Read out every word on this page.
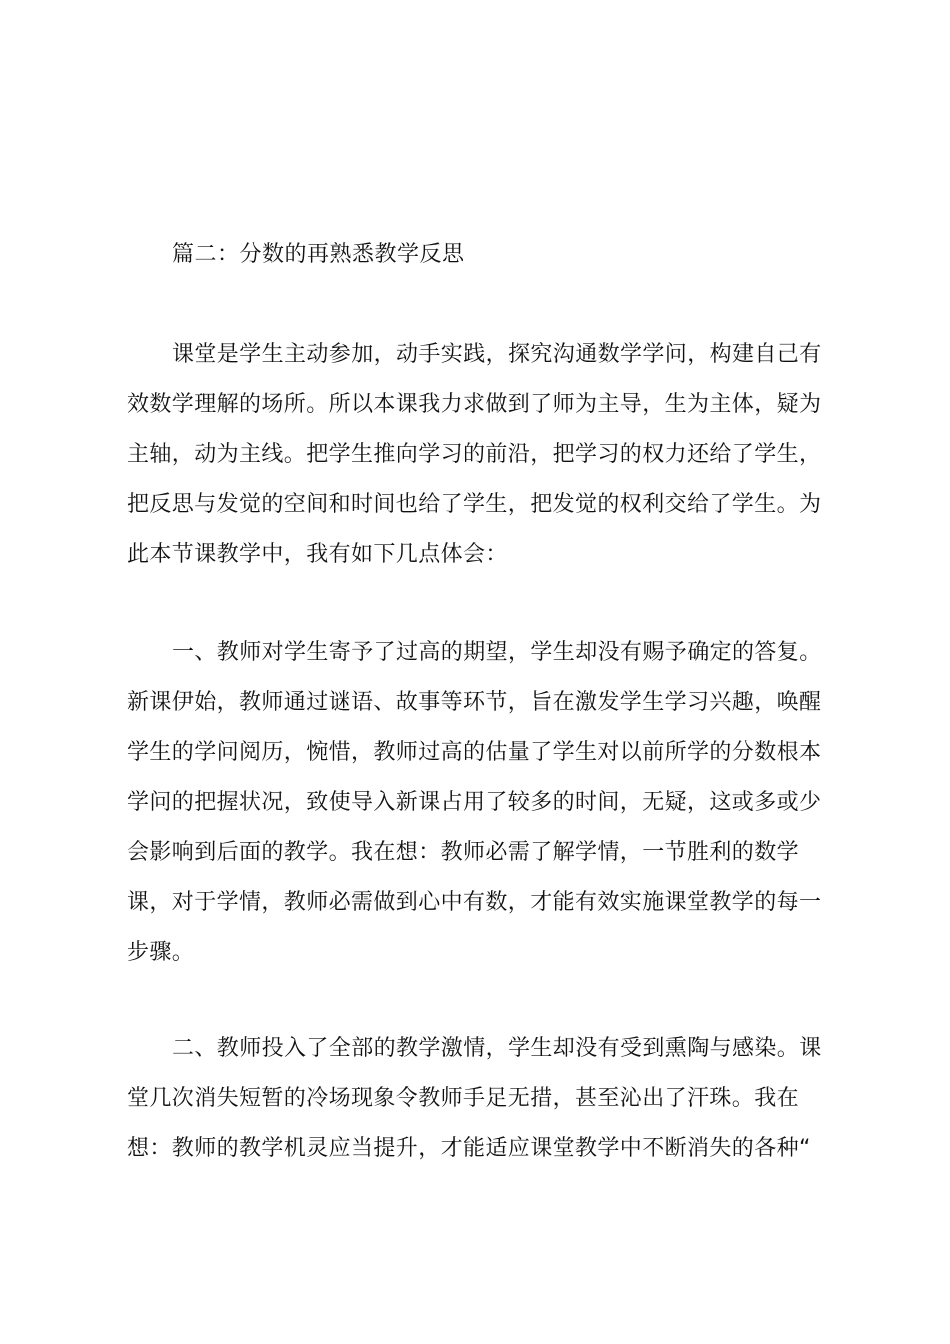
篇二：分数的再熟悉教学反思
课堂是学生主动参加，动手实践，探究沟通数学学问，构建自己有
效数学理解的场所。所以本课我力求做到了师为主导，生为主体，疑为
主轴，动为主线。把学生推向学习的前沿，把学习的权力还给了学生，
把反思与发觉的空间和时间也给了学生，把发觉的权利交给了学生。为
此本节课教学中，我有如下几点体会：
一、教师对学生寄予了过高的期望，学生却没有赐予确定的答复。
新课伊始，教师通过谜语、故事等环节，旨在激发学生学习兴趣，唤醒
学生的学问阅历，惋惜，教师过高的估量了学生对以前所学的分数根本
学问的把握状况，致使导入新课占用了较多的时间，无疑，这或多或少
会影响到后面的教学。我在想：教师必需了解学情，一节胜利的数学
课，对于学情，教师必需做到心中有数，才能有效实施课堂教学的每一
步骤。
二、教师投入了全部的教学激情，学生却没有受到熏陶与感染。课
堂几次消失短暂的冷场现象令教师手足无措，甚至沁出了汗珠。我在
想：教师的教学机灵应当提升，才能适应课堂教学中不断消失的各种“
